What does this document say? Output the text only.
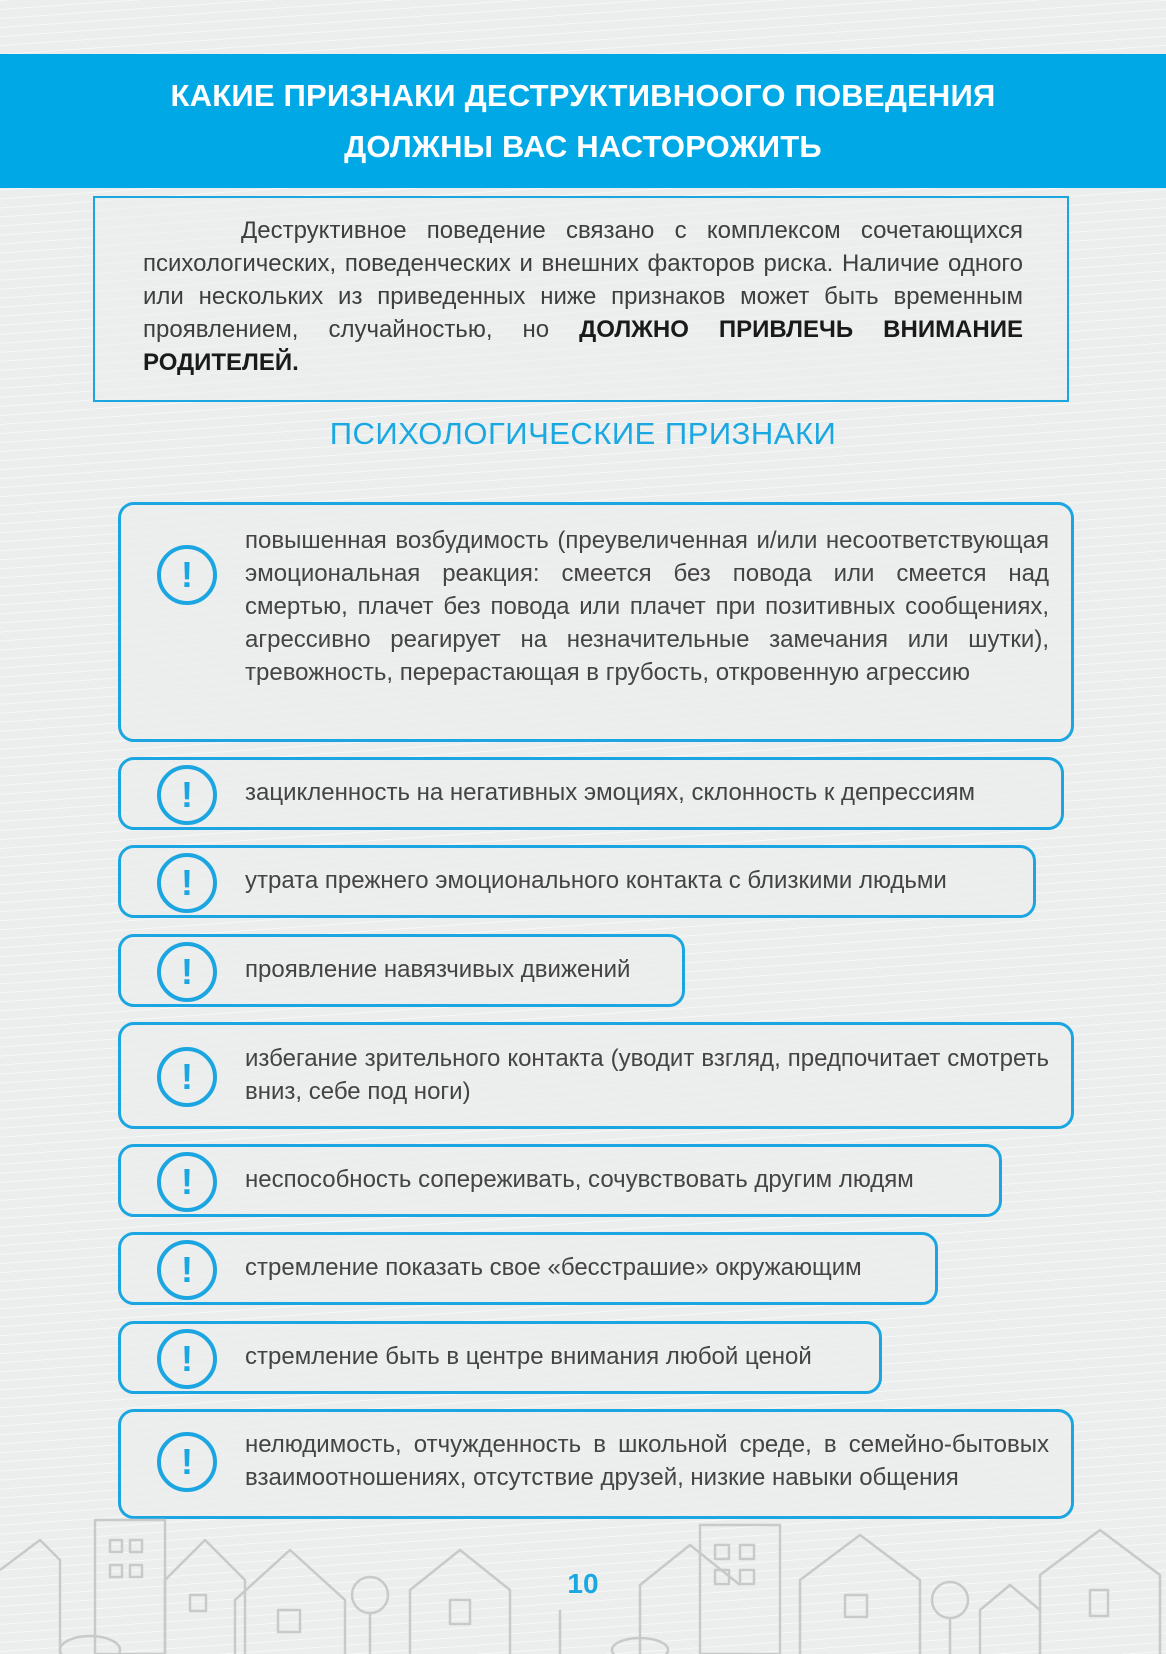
КАКИЕ ПРИЗНАКИ ДЕСТРУКТИВНООГО ПОВЕДЕНИЯ
ДОЛЖНЫ ВАС НАСТОРОЖИТЬ
Деструктивное поведение связано с комплексом сочетающихся психологических, поведенческих и внешних факторов риска. Наличие одного или нескольких из приведенных ниже признаков может быть временным проявлением, случайностью, но ДОЛЖНО ПРИВЛЕЧЬ ВНИМАНИЕ РОДИТЕЛЕЙ.
ПСИХОЛОГИЧЕСКИЕ ПРИЗНАКИ
!
повышенная возбудимость (преувеличенная и/или несоответствующая эмоциональная реакция: смеется без повода или смеется над смертью, плачет без повода или плачет при позитивных сообщениях, агрессивно реагирует на незначительные замечания или шутки), тревожность, перерастающая в грубость, откровенную агрессию
!	зацикленность на негативных эмоциях, склонность к депрессиям
!	утрата прежнего эмоционального контакта с близкими людьми
!	проявление навязчивых движений
!	избегание зрительного контакта (уводит взгляд, предпочитает смотреть вниз, себе под ноги)
!	неспособность сопереживать, сочувствовать другим людям
!	стремление показать свое «бесстрашие» окружающим
!	стремление быть в центре внимания любой ценой
!	нелюдимость, отчужденность в школьной среде, в семейно-бытовых взаимоотношениях, отсутствие друзей, низкие навыки общения
10
